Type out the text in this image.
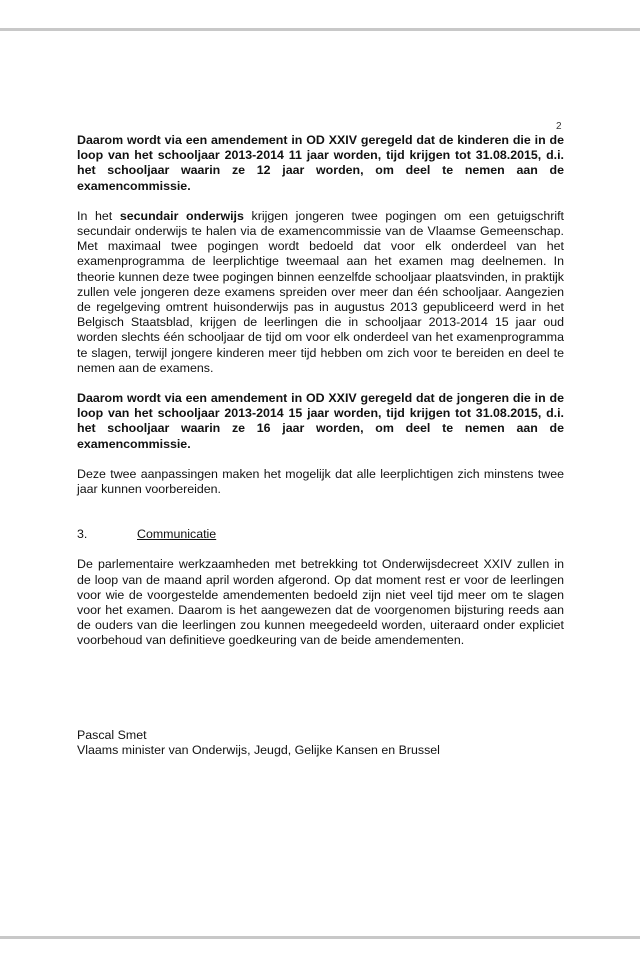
2

Daarom wordt via een amendement in OD XXIV geregeld dat de kinderen die in de loop van het schooljaar 2013-2014 11 jaar worden, tijd krijgen tot 31.08.2015, d.i. het schooljaar waarin ze 12 jaar worden, om deel te nemen aan de examencommissie.

In het secundair onderwijs krijgen jongeren twee pogingen om een getuigschrift secundair onderwijs te halen via de examencommissie van de Vlaamse Gemeenschap. Met maximaal twee pogingen wordt bedoeld dat voor elk onderdeel van het examenprogramma de leerplichtige tweemaal aan het examen mag deelnemen. In theorie kunnen deze twee pogingen binnen eenzelfde schooljaar plaatsvinden, in praktijk zullen vele jongeren deze examens spreiden over meer dan één schooljaar. Aangezien de regelgeving omtrent huisonderwijs pas in augustus 2013 gepubliceerd werd in het Belgisch Staatsblad, krijgen de leerlingen die in schooljaar 2013-2014 15 jaar oud worden slechts één schooljaar de tijd om voor elk onderdeel van het examenprogramma te slagen, terwijl jongere kinderen meer tijd hebben om zich voor te bereiden en deel te nemen aan de examens.

Daarom wordt via een amendement in OD XXIV geregeld dat de jongeren die in de loop van het schooljaar 2013-2014 15 jaar worden, tijd krijgen tot 31.08.2015, d.i. het schooljaar waarin ze 16 jaar worden, om deel te nemen aan de examencommissie.

Deze twee aanpassingen maken het mogelijk dat alle leerplichtigen zich minstens twee jaar kunnen voorbereiden.

3.	Communicatie

De parlementaire werkzaamheden met betrekking tot Onderwijsdecreet XXIV zullen in de loop van de maand april worden afgerond. Op dat moment rest er voor de leerlingen voor wie de voorgestelde amendementen bedoeld zijn niet veel tijd meer om te slagen voor het examen. Daarom is het aangewezen dat de voorgenomen bijsturing reeds aan de ouders van die leerlingen zou kunnen meegedeeld worden, uiteraard onder expliciet voorbehoud van definitieve goedkeuring van de beide amendementen.

Pascal Smet
Vlaams minister van Onderwijs, Jeugd, Gelijke Kansen en Brussel
